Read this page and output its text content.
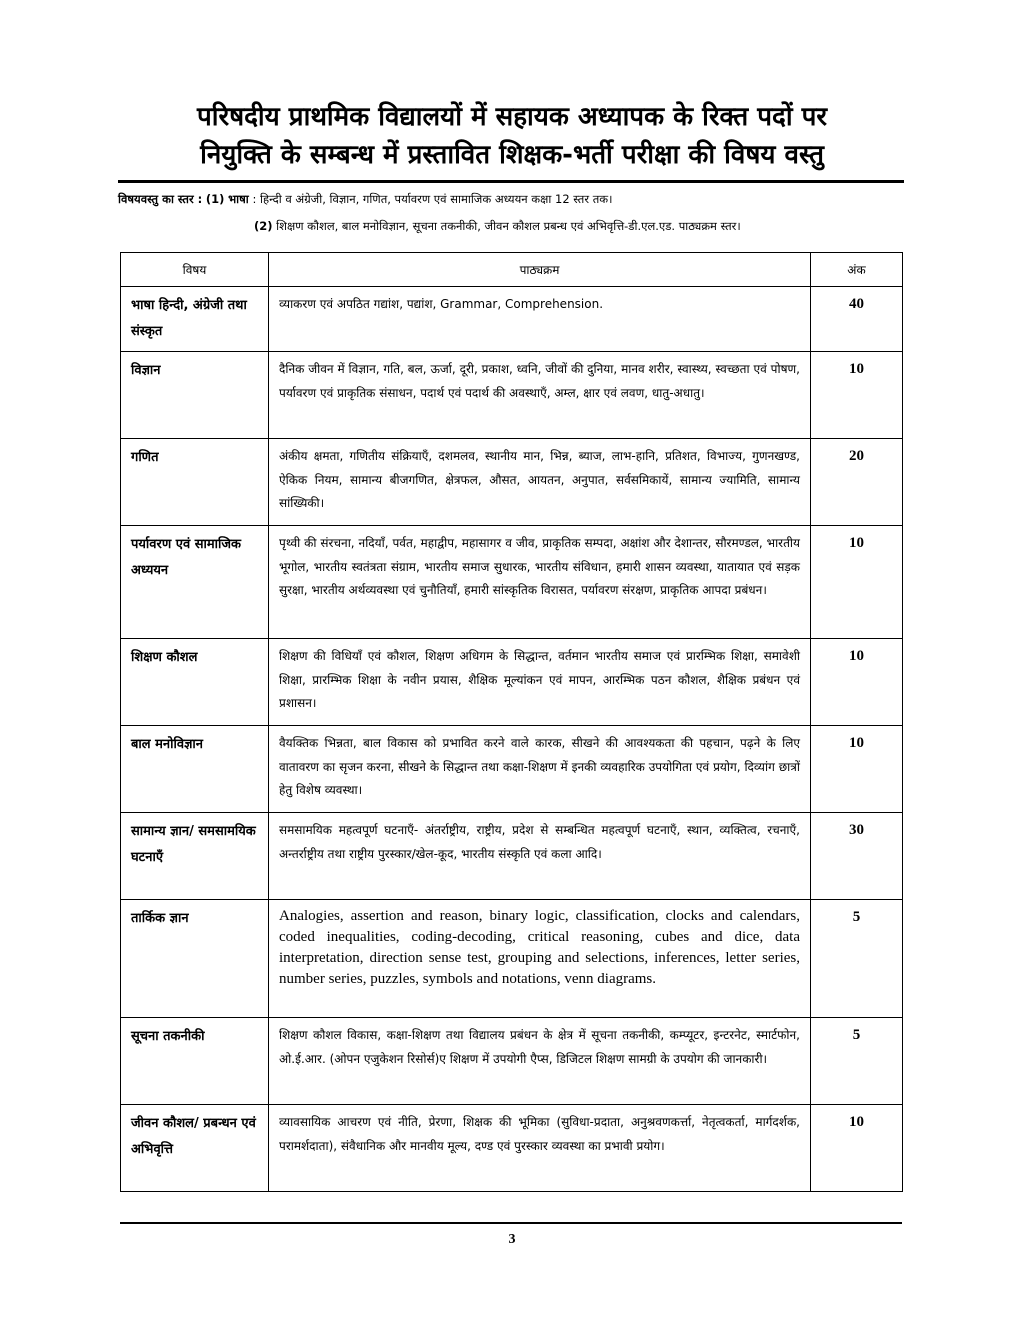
परिषदीय प्राथमिक विद्यालयों में सहायक अध्यापक के रिक्त पदों पर
नियुक्ति के सम्बन्ध में प्रस्तावित शिक्षक-भर्ती परीक्षा की विषय वस्तु
विषयवस्तु का स्तर : (1) भाषा : हिन्दी व अंग्रेजी, विज्ञान, गणित, पर्यावरण एवं सामाजिक अध्ययन कक्षा 12 स्तर तक।
(2) शिक्षण कौशल, बाल मनोविज्ञान, सूचना तकनीकी, जीवन कौशल प्रबन्ध एवं अभिवृत्ति-डी.एल.एड. पाठ्यक्रम स्तर।
विषय	पाठ्यक्रम	अंक
भाषा हिन्दी, अंग्रेजी तथा संस्कृत	व्याकरण एवं अपठित गद्यांश, पद्यांश, Grammar, Comprehension.	40
विज्ञान	दैनिक जीवन में विज्ञान, गति, बल, ऊर्जा, दूरी, प्रकाश, ध्वनि, जीवों की दुनिया, मानव शरीर, स्वास्थ्य, स्वच्छता एवं पोषण, पर्यावरण एवं प्राकृतिक संसाधन, पदार्थ एवं पदार्थ की अवस्थाएँ, अम्ल, क्षार एवं लवण, धातु-अधातु।	10
गणित	अंकीय क्षमता, गणितीय संक्रियाएँ, दशमलव, स्थानीय मान, भिन्न, ब्याज, लाभ-हानि, प्रतिशत, विभाज्य, गुणनखण्ड, ऐकिक नियम, सामान्य बीजगणित, क्षेत्रफल, औसत, आयतन, अनुपात, सर्वसमिकायें, सामान्य ज्यामिति, सामान्य सांख्यिकी।	20
पर्यावरण एवं सामाजिक अध्ययन	पृथ्वी की संरचना, नदियाँ, पर्वत, महाद्वीप, महासागर व जीव, प्राकृतिक सम्पदा, अक्षांश और देशान्तर, सौरमण्डल, भारतीय भूगोल, भारतीय स्वतंत्रता संग्राम, भारतीय समाज सुधारक, भारतीय संविधान, हमारी शासन व्यवस्था, यातायात एवं सड़क सुरक्षा, भारतीय अर्थव्यवस्था एवं चुनौतियाँ, हमारी सांस्कृतिक विरासत, पर्यावरण संरक्षण, प्राकृतिक आपदा प्रबंधन।	10
शिक्षण कौशल	शिक्षण की विधियाँ एवं कौशल, शिक्षण अधिगम के सिद्धान्त, वर्तमान भारतीय समाज एवं प्रारम्भिक शिक्षा, समावेशी शिक्षा, प्रारम्भिक शिक्षा के नवीन प्रयास, शैक्षिक मूल्यांकन एवं मापन, आरम्भिक पठन कौशल, शैक्षिक प्रबंधन एवं प्रशासन।	10
बाल मनोविज्ञान	वैयक्तिक भिन्नता, बाल विकास को प्रभावित करने वाले कारक, सीखने की आवश्यकता की पहचान, पढ़ने के लिए वातावरण का सृजन करना, सीखने के सिद्धान्त तथा कक्षा-शिक्षण में इनकी व्यवहारिक उपयोगिता एवं प्रयोग, दिव्यांग छात्रों हेतु विशेष व्यवस्था।	10
सामान्य ज्ञान/ समसामयिक घटनाएँ	समसामयिक महत्वपूर्ण घटनाएँ- अंतर्राष्ट्रीय, राष्ट्रीय, प्रदेश से सम्बन्धित महत्वपूर्ण घटनाएँ, स्थान, व्यक्तित्व, रचनाएँ, अन्तर्राष्ट्रीय तथा राष्ट्रीय पुरस्कार/खेल-कूद, भारतीय संस्कृति एवं कला आदि।	30
तार्किक ज्ञान	Analogies, assertion and reason, binary logic, classification, clocks and calendars, coded inequalities, coding-decoding, critical reasoning, cubes and dice, data interpretation, direction sense test, grouping and selections, inferences, letter series, number series, puzzles, symbols and notations, venn diagrams.	5
सूचना तकनीकी	शिक्षण कौशल विकास, कक्षा-शिक्षण तथा विद्यालय प्रबंधन के क्षेत्र में सूचना तकनीकी, कम्प्यूटर, इन्टरनेट, स्मार्टफोन, ओ.ई.आर. (ओपन एजुकेशन रिसोर्स)ए शिक्षण में उपयोगी एैप्स, डिजिटल शिक्षण सामग्री के उपयोग की जानकारी।	5
जीवन कौशल/ प्रबन्धन एवं अभिवृत्ति	व्यावसायिक आचरण एवं नीति, प्रेरणा, शिक्षक की भूमिका (सुविधा-प्रदाता, अनुश्रवणकर्त्ता, नेतृत्वकर्ता, मार्गदर्शक, परामर्शदाता), संवैधानिक और मानवीय मूल्य, दण्ड एवं पुरस्कार व्यवस्था का प्रभावी प्रयोग।	10
3
